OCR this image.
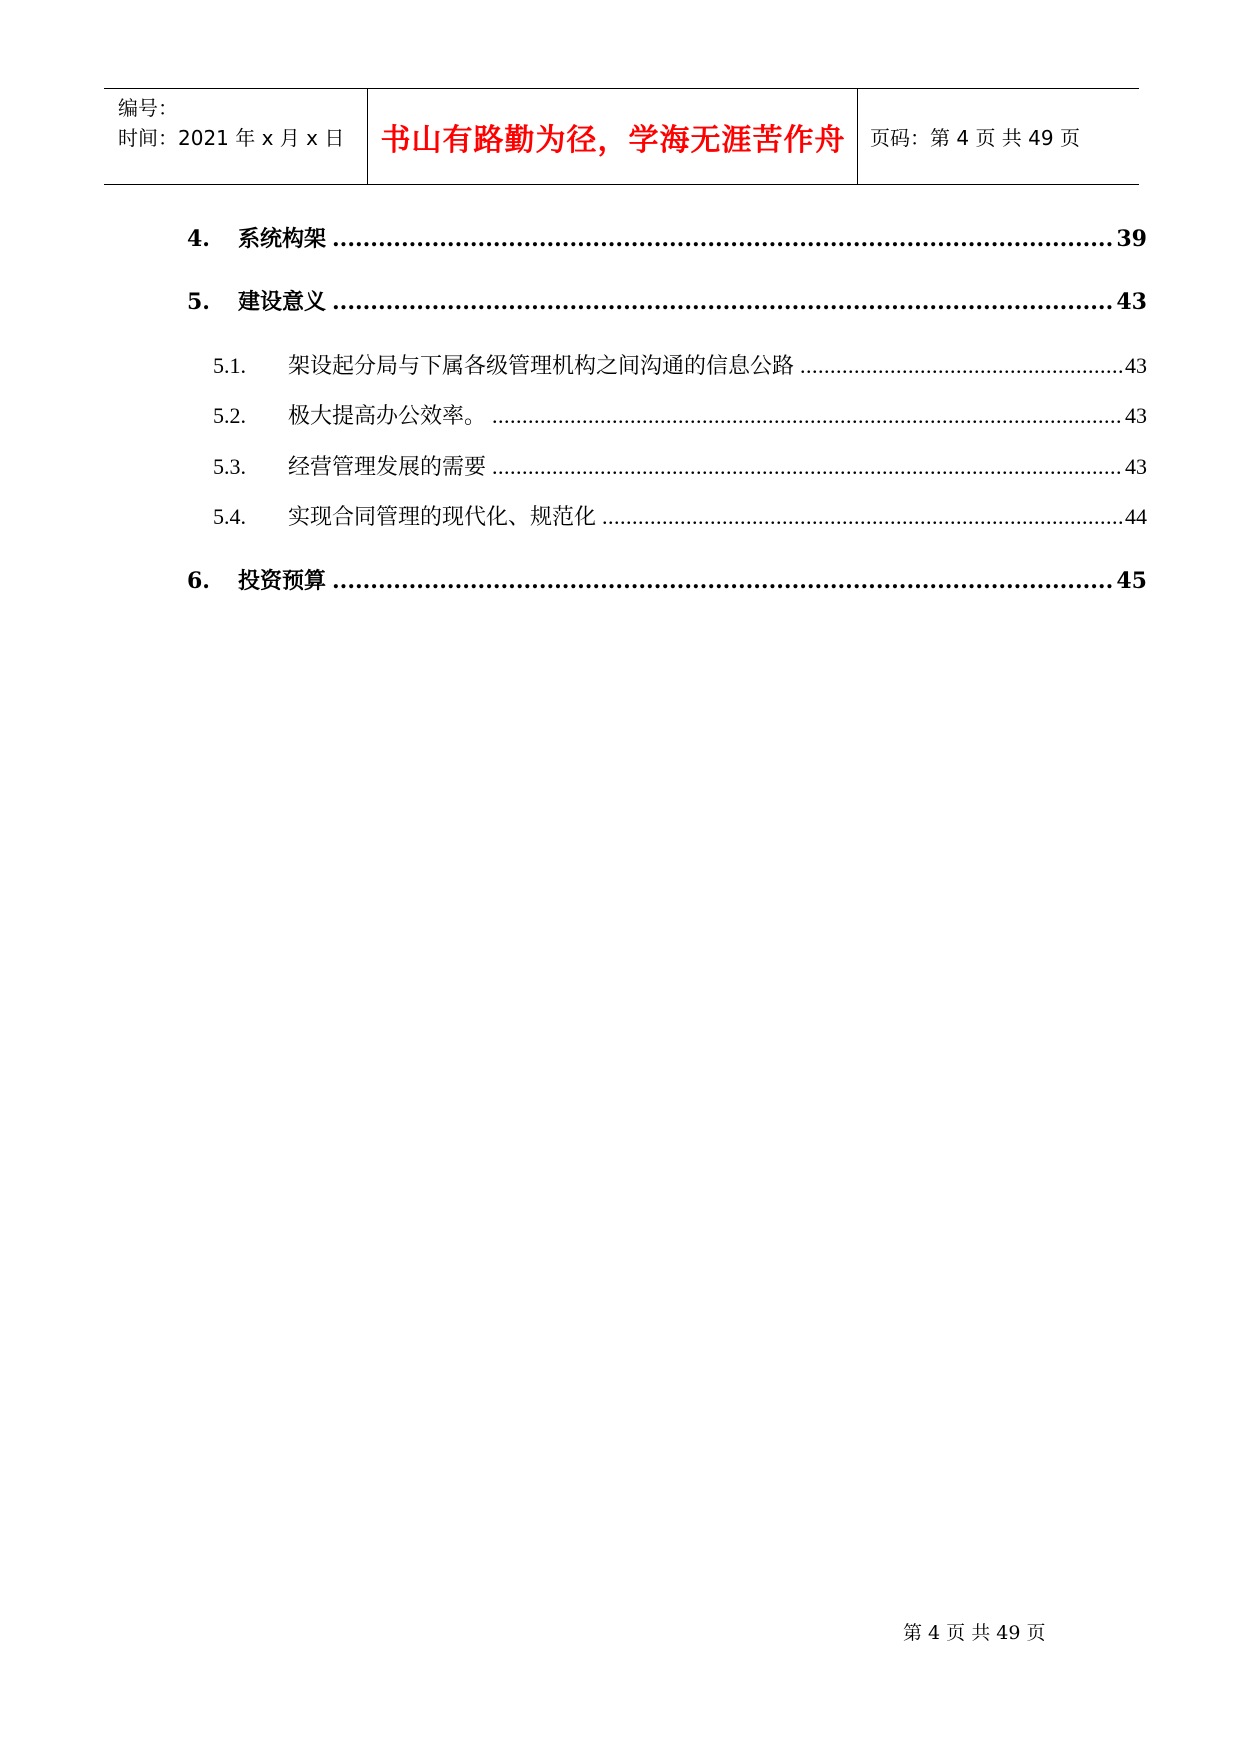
编号：
时间：2021 年 x 月 x 日	书山有路勤为径，学海无涯苦作舟	页码：第 4 页 共 49 页
4.	系统构架 .....	39
5.	建设意义 .....	43
5.1.	架设起分局与下属各级管理机构之间沟通的信息公路 .....	43
5.2.	极大提高办公效率。 .....	43
5.3.	经营管理发展的需要 .....	43
5.4.	实现合同管理的现代化、规范化 .....	44
6.	投资预算 .....	45
第 4 页 共 49 页
